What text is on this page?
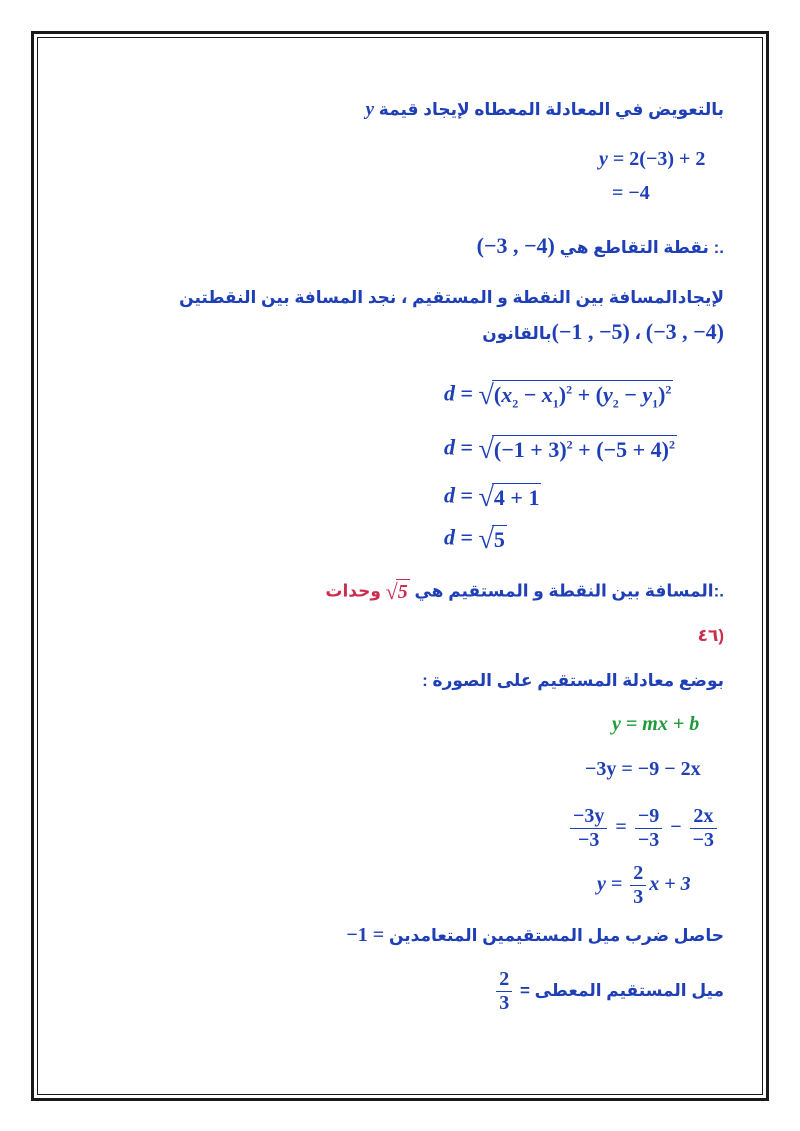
بالتعويض في المعادلة المعطاه لإيجاد قيمة y
y = 2(−3) + 2
= −4
.: نقطة التقاطع هي (−3 , −4)
لإيجادالمسافة بين النقطة و المستقيم ، نجد المسافة بين النقطتين
(−3 , −4) ، (−1 , −5)بالقانون
$d = √(x_2 - x_1)^2 + (y_2 - y_1)^2$
$d = √(-1 + 3)^2 + (-5 + 4)^2$
d = √4 + 1
d = √5
.:المسافة بين النقطة و المستقيم هي √5 وحدات
(٤٦
بوضع معادلة المستقيم على الصورة :
y = mx + b
−3y = −9 − 2x
$\frac{-3y}{-3} = \frac{-9}{-3} - \frac{2x}{-3}$
$y = \frac{2}{3}$ x + 3
حاصل ضرب ميل المستقيمين المتعامدين = 1−
ميل المستقيم المعطى =
$\frac{2}{3}$
